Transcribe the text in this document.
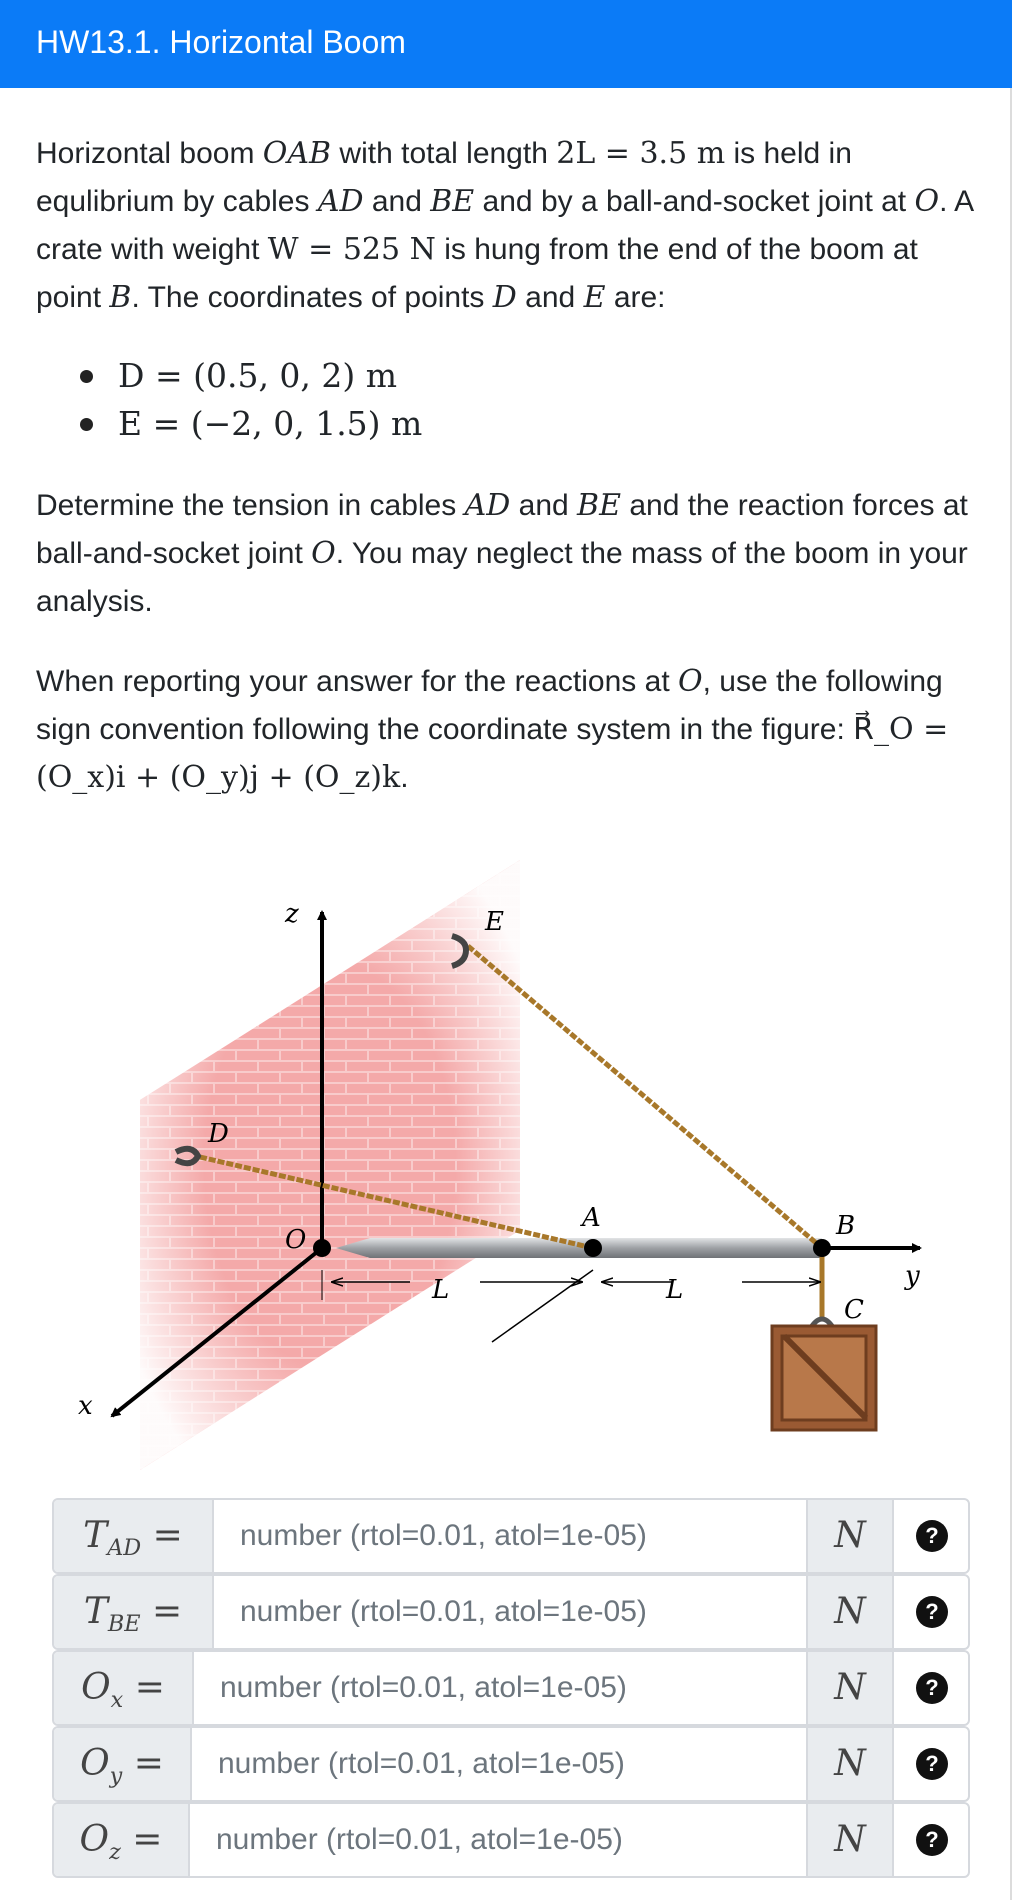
HW13.1. Horizontal Boom
Horizontal boom OAB with total length 2L = 3.5 m is held in equlibrium by cables AD and BE and by a ball-and-socket joint at O. A crate with weight W = 525 N is hung from the end of the boom at point B. The coordinates of points D and E are:
D = (0.5, 0, 2) m
E = (−2, 0, 1.5) m
Determine the tension in cables AD and BE and the reaction forces at ball-and-socket joint O. You may neglect the mass of the boom in your analysis.
When reporting your answer for the reactions at O, use the following sign convention following the coordinate system in the figure: R⃗_O = (O_x)i + (O_y)j + (O_z)k.
z
y
x
E
D
O
A	B
C
L	L
$T_{AD}$ =
number (rtol=0.01, atol=1e-05)	N	?
$T_{BE}$ =
number (rtol=0.01, atol=1e-05)	N	?
$O_x$ =
number (rtol=0.01, atol=1e-05)	N	?
$O_y$ =
number (rtol=0.01, atol=1e-05)	N	?
$O_z$ =
number (rtol=0.01, atol=1e-05)	N	?
